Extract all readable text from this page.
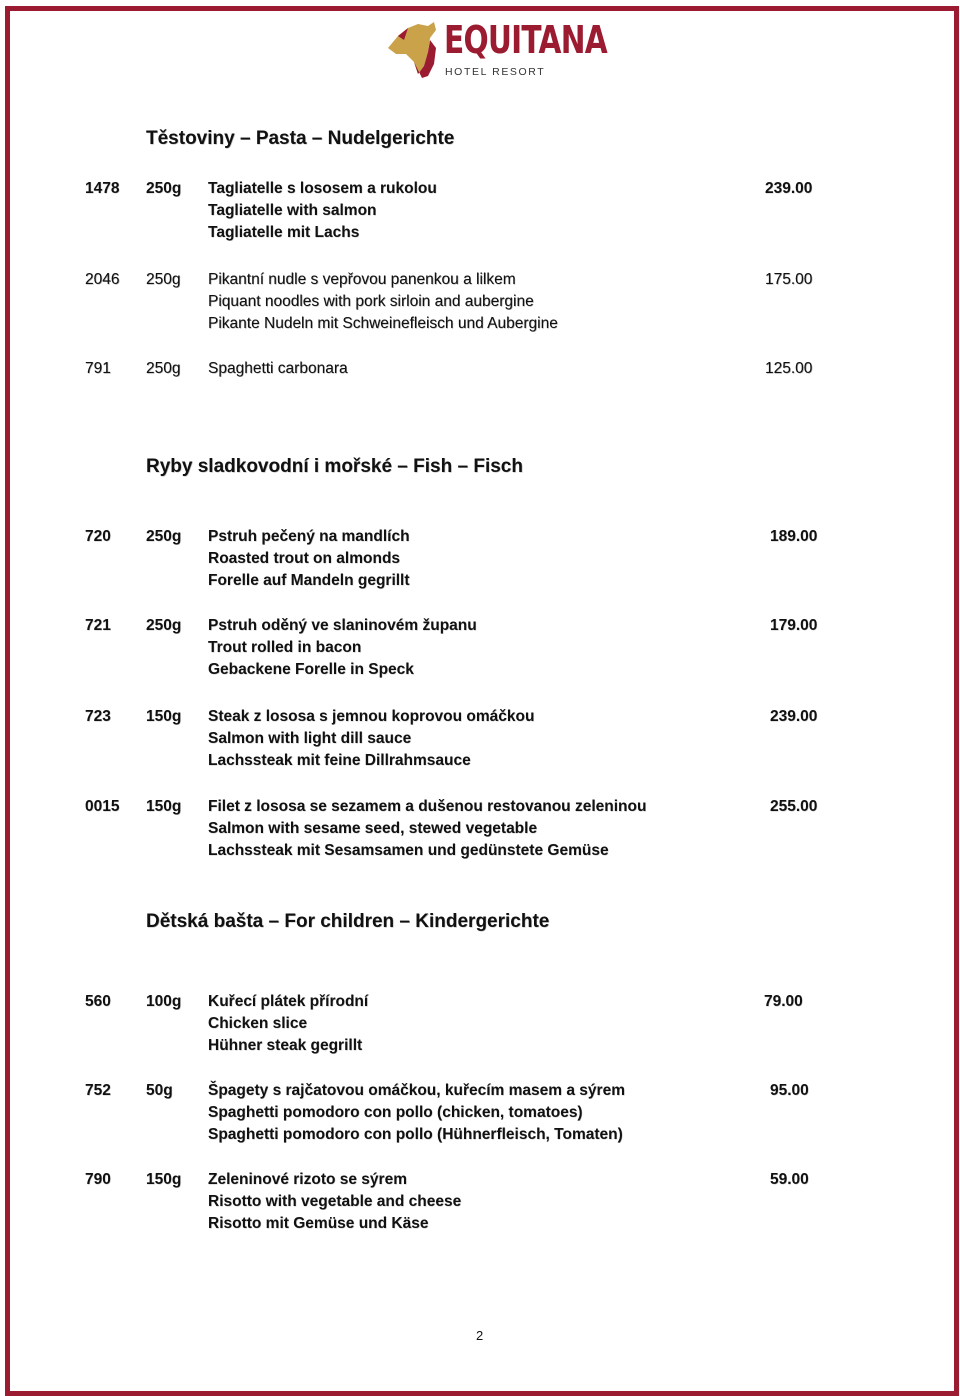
EQUITANA
HOTEL RESORT
Těstoviny – Pasta – Nudelgerichte
1478 250g Tagliatelle s lososem a rukolou
Tagliatelle with salmon
Tagliatelle mit Lachs
239.00
2046 250g Pikantní nudle s vepřovou panenkou a lilkem
Piquant noodles with pork sirloin and aubergine
Pikante Nudeln mit Schweinefleisch und Aubergine
175.00
791 250g Spaghetti carbonara	125.00
Ryby sladkovodní i mořské – Fish – Fisch
720 250g Pstruh pečený na mandlích
Roasted trout on almonds
Forelle auf Mandeln gegrillt
189.00
721 250g Pstruh oděný ve slaninovém županu
Trout rolled in bacon
Gebackene Forelle in Speck
179.00
723 150g Steak z lososa s jemnou koprovou omáčkou
Salmon with light dill sauce
Lachssteak mit feine Dillrahmsauce
239.00
0015 150g Filet z lososa se sezamem a dušenou restovanou zeleninou
Salmon with sesame seed, stewed vegetable
Lachssteak mit Sesamsamen und gedünstete Gemüse
255.00
Dětská bašta – For children – Kindergerichte
560 100g Kuřecí plátek přírodní
Chicken slice
Hühner steak gegrillt
79.00
752 50g Špagety s rajčatovou omáčkou, kuřecím masem a sýrem
Spaghetti pomodoro con pollo (chicken, tomatoes)
Spaghetti pomodoro con pollo (Hühnerfleisch, Tomaten)
95.00
790 150g Zeleninové rizoto se sýrem
Risotto with vegetable and cheese
Risotto mit Gemüse und Käse
59.00
2
